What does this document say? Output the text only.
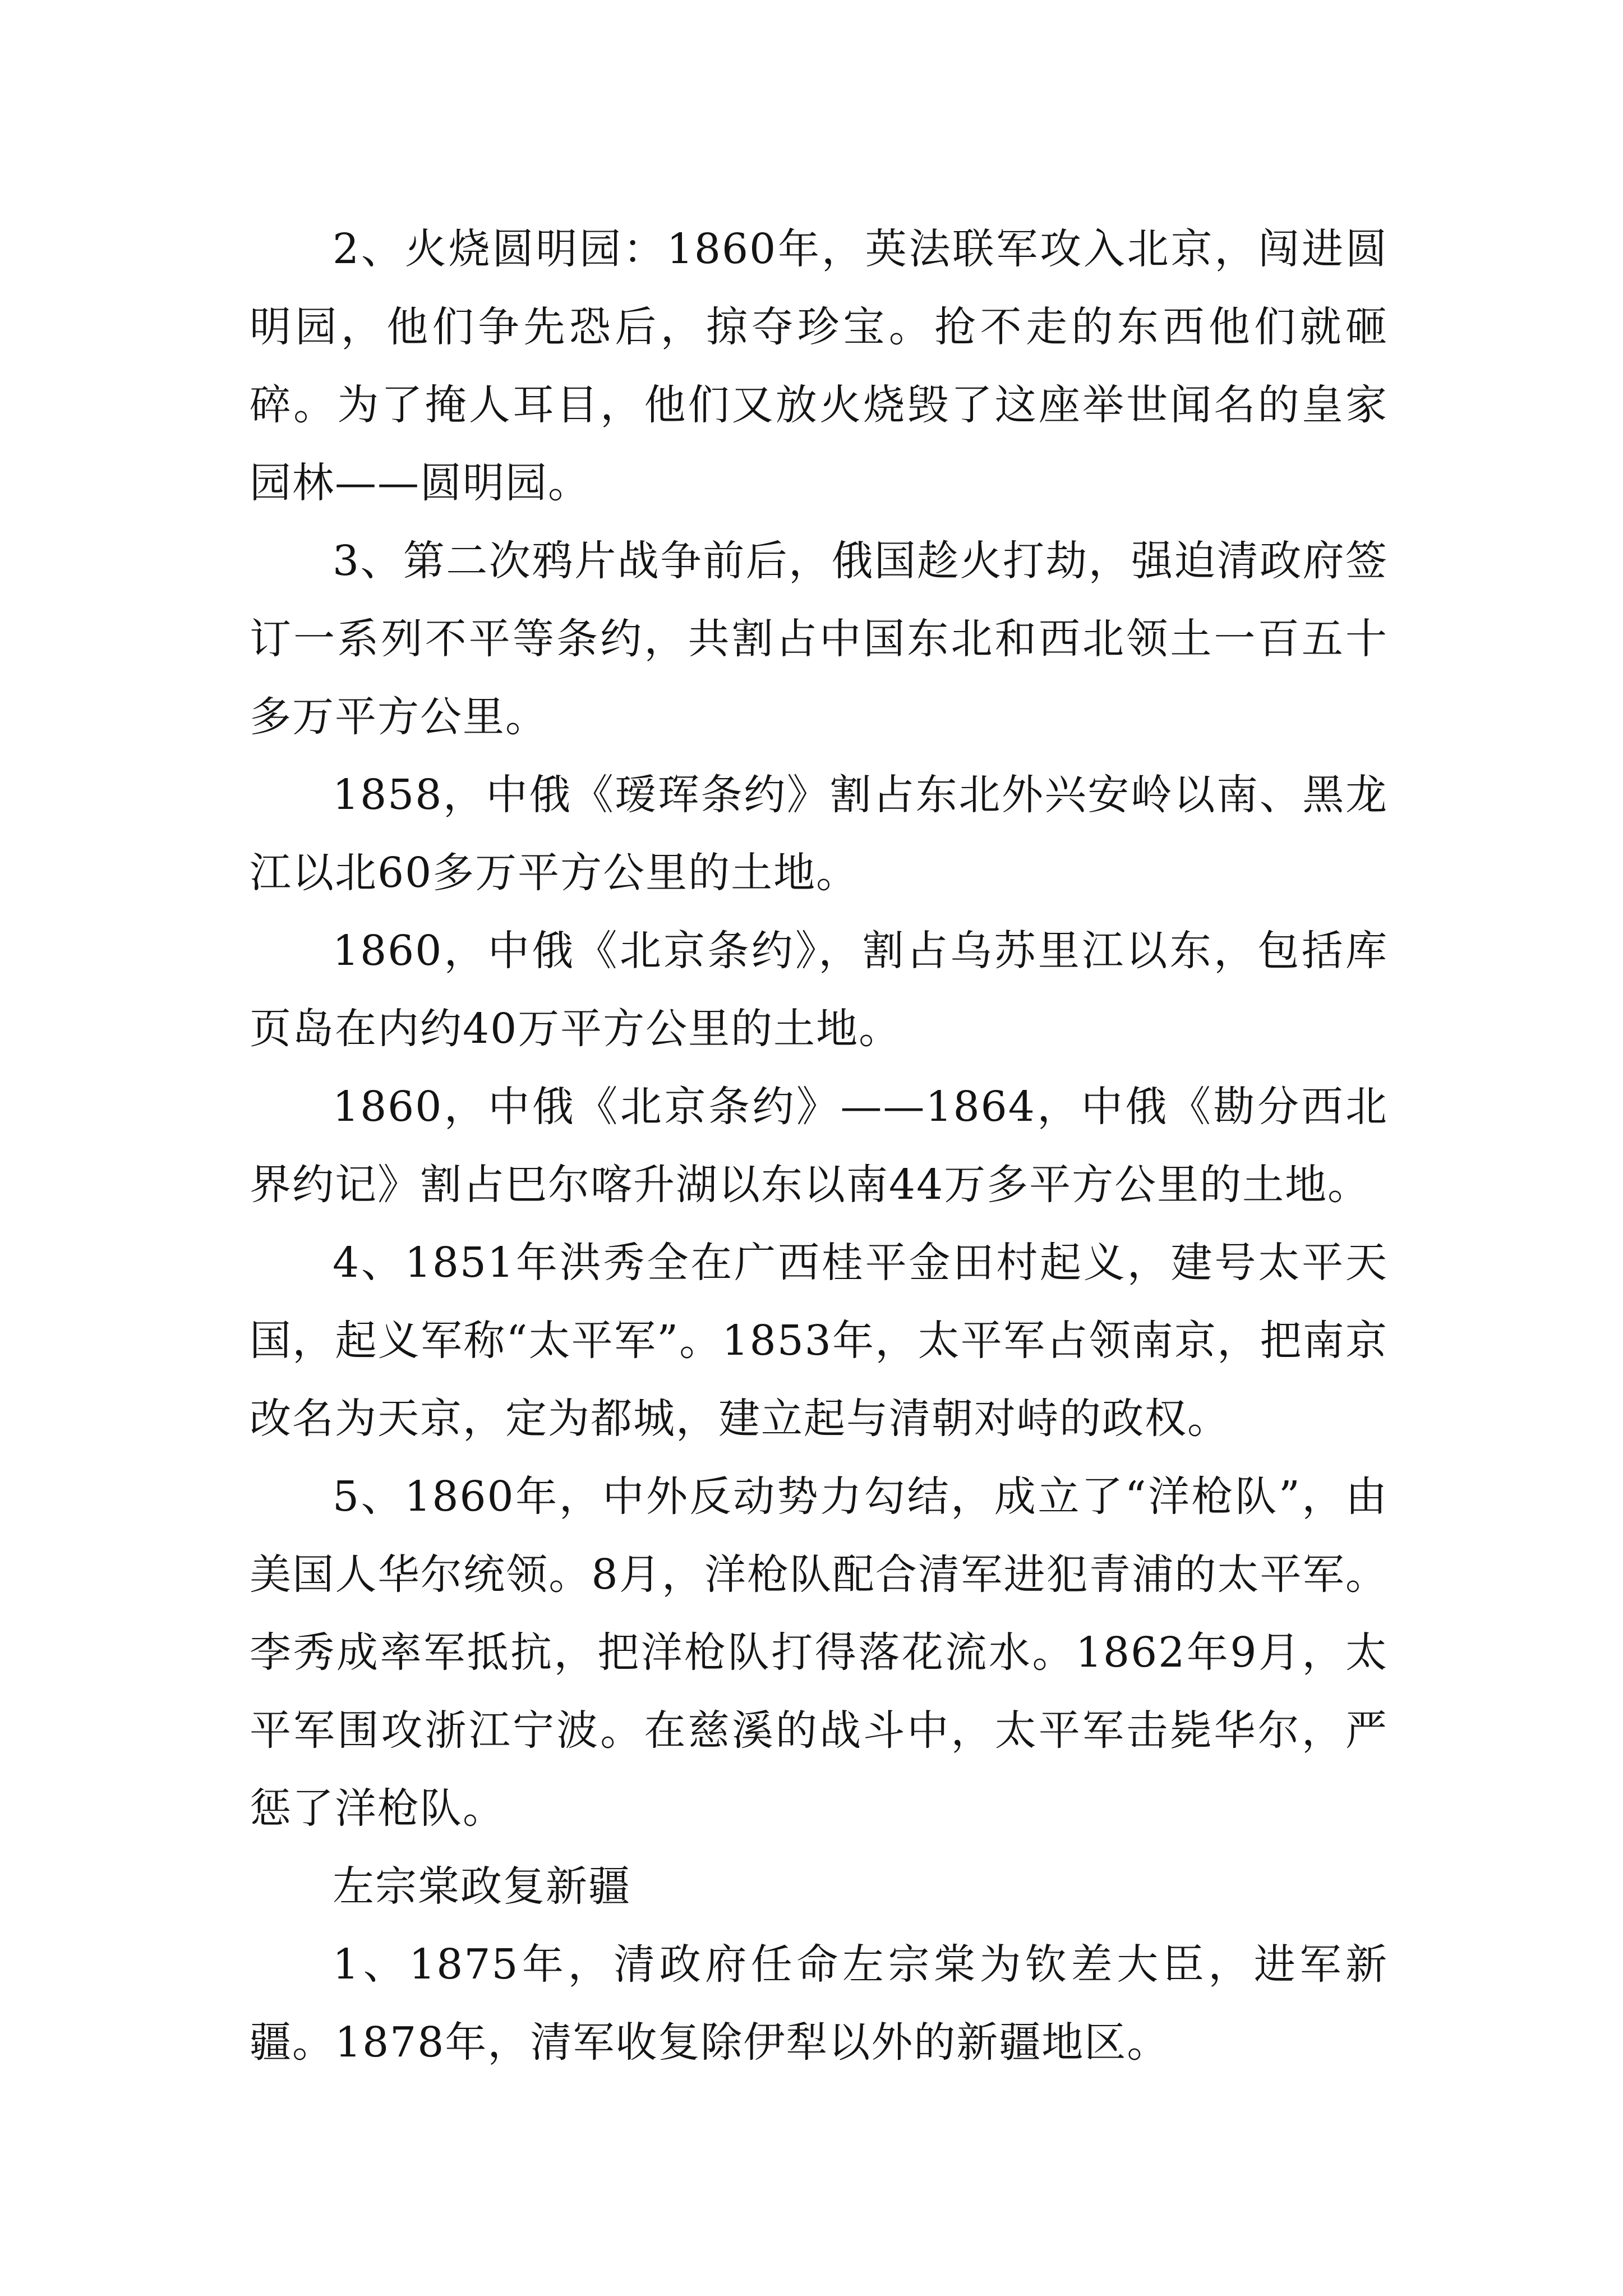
2、火烧圆明园：1860年，英法联军攻入北京，闯进圆明园，他们争先恐后，掠夺珍宝。抢不走的东西他们就砸碎。为了掩人耳目，他们又放火烧毁了这座举世闻名的皇家园林——圆明园。

3、第二次鸦片战争前后，俄国趁火打劫，强迫清政府签订一系列不平等条约，共割占中国东北和西北领土一百五十多万平方公里。

1858，中俄《瑷珲条约》割占东北外兴安岭以南、黑龙江以北60多万平方公里的土地。

1860，中俄《北京条约》，割占乌苏里江以东，包括库页岛在内约40万平方公里的土地。

1860，中俄《北京条约》——1864，中俄《勘分西北界约记》割占巴尔喀升湖以东以南44万多平方公里的土地。

4、1851年洪秀全在广西桂平金田村起义，建号太平天国，起义军称“太平军”。1853年，太平军占领南京，把南京改名为天京，定为都城，建立起与清朝对峙的政权。

5、1860年，中外反动势力勾结，成立了“洋枪队”，由美国人华尔统领。8月，洋枪队配合清军进犯青浦的太平军。李秀成率军抵抗，把洋枪队打得落花流水。1862年9月，太平军围攻浙江宁波。在慈溪的战斗中，太平军击毙华尔，严惩了洋枪队。

左宗棠政复新疆

1、1875年，清政府任命左宗棠为钦差大臣，进军新疆。1878年，清军收复除伊犁以外的新疆地区。
